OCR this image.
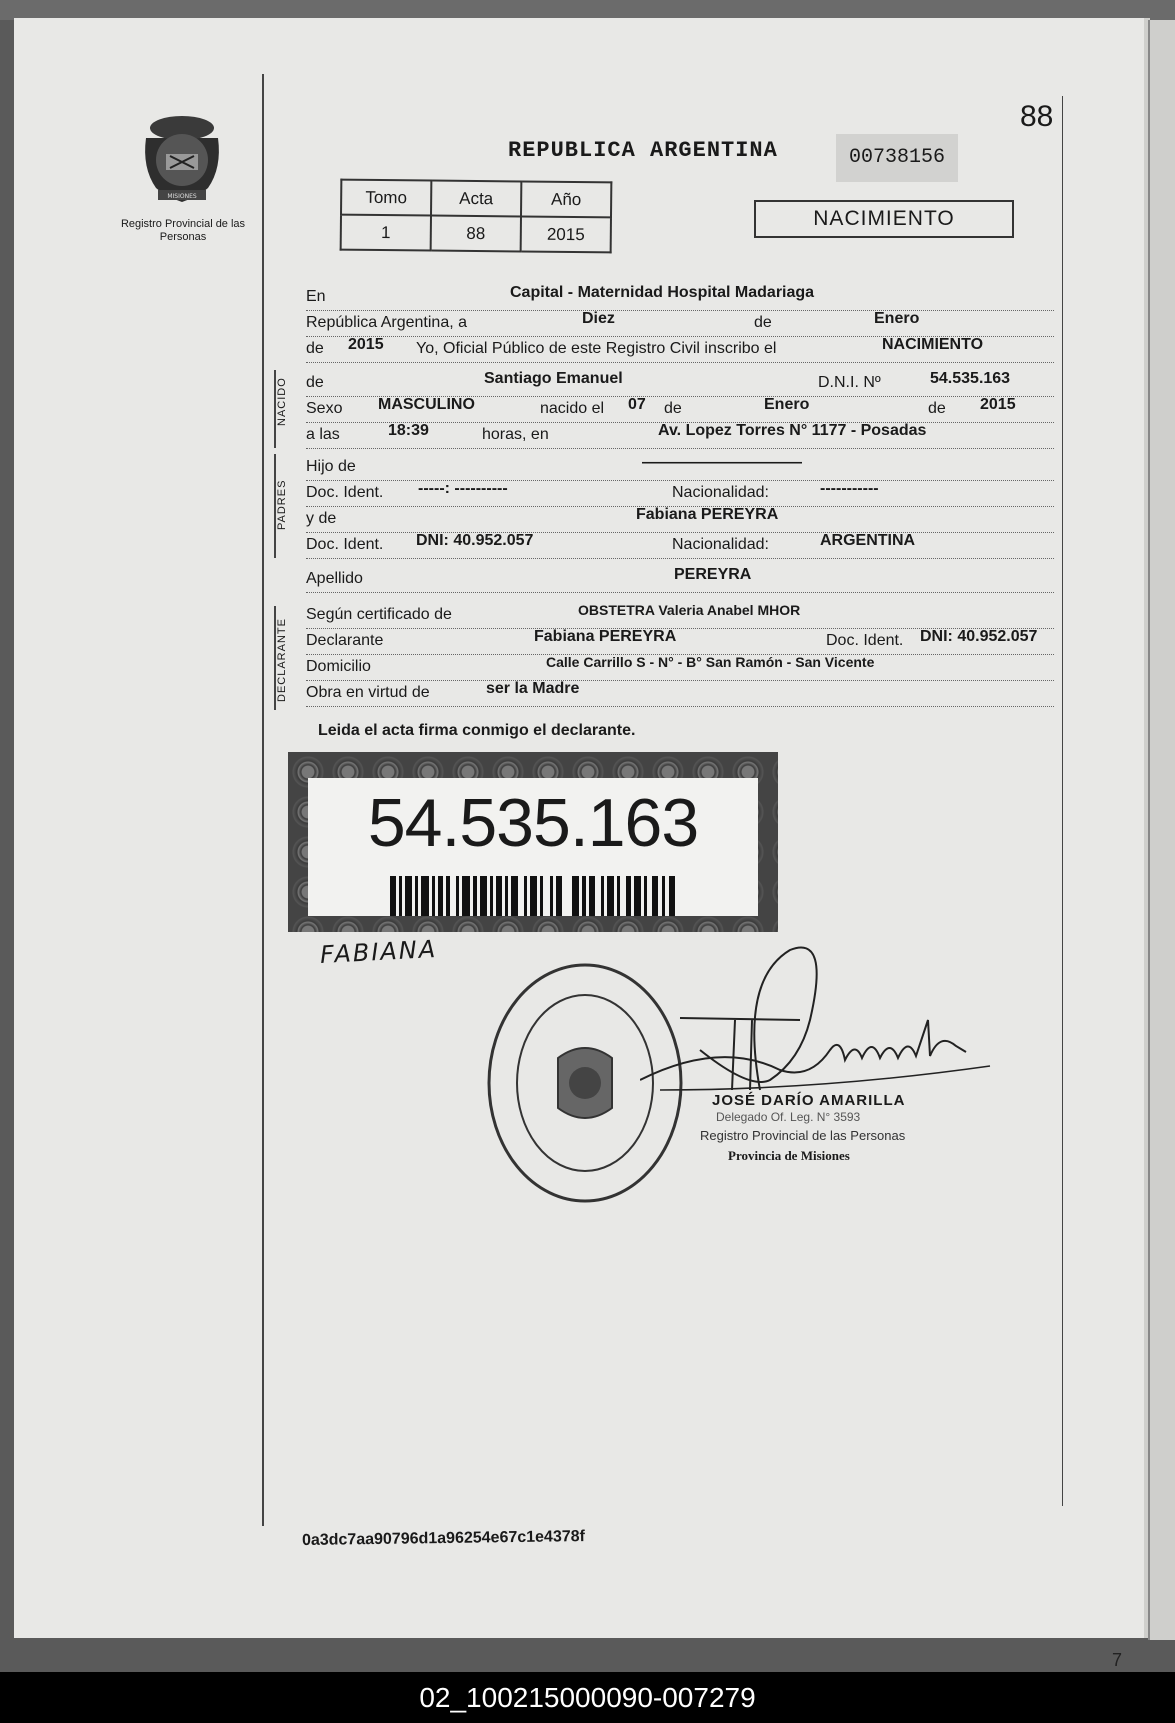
MISIONES
Registro Provincial de las Personas
88
REPUBLICA ARGENTINA	00738156
Tomo	Acta	Año
1	88	2015
NACIMIENTO
En	Capital - Maternidad Hospital Madariaga
República Argentina, a	Diez	de	Enero
de 2015 Yo, Oficial Público de este Registro Civil inscribo el	NACIMIENTO
NACIDO de	Santiago Emanuel	D.N.I. Nº	54.535.163
Sexo MASCULINO	nacido el 07 de	Enero	de 2015
a las	18:39	horas, en	Av. Lopez Torres N° 1177 - Posadas
PADRES
Hijo de	——————————
Doc. Ident. -----: ----------	Nacionalidad:	-----------
y de	Fabiana PEREYRA
Doc. Ident. DNI: 40.952.057	Nacionalidad:	ARGENTINA
Apellido	PEREYRA
DECLARANTE
Según certificado de	OBSTETRA Valeria Anabel MHOR
Declarante	Fabiana PEREYRA	Doc. Ident. DNI: 40.952.057
Domicilio	Calle Carrillo S - N° - B° San Ramón - San Vicente
Obra en virtud de	ser la Madre
Leida el acta firma conmigo el declarante.
54.535.163
FABIANA
JOSÉ DARÍO AMARILLA
Delegado Of. Leg. N° 3593
Registro Provincial de las Personas
Provincia de Misiones
0a3dc7aa90796d1a96254e67c1e4378f
7
02_100215000090-007279
